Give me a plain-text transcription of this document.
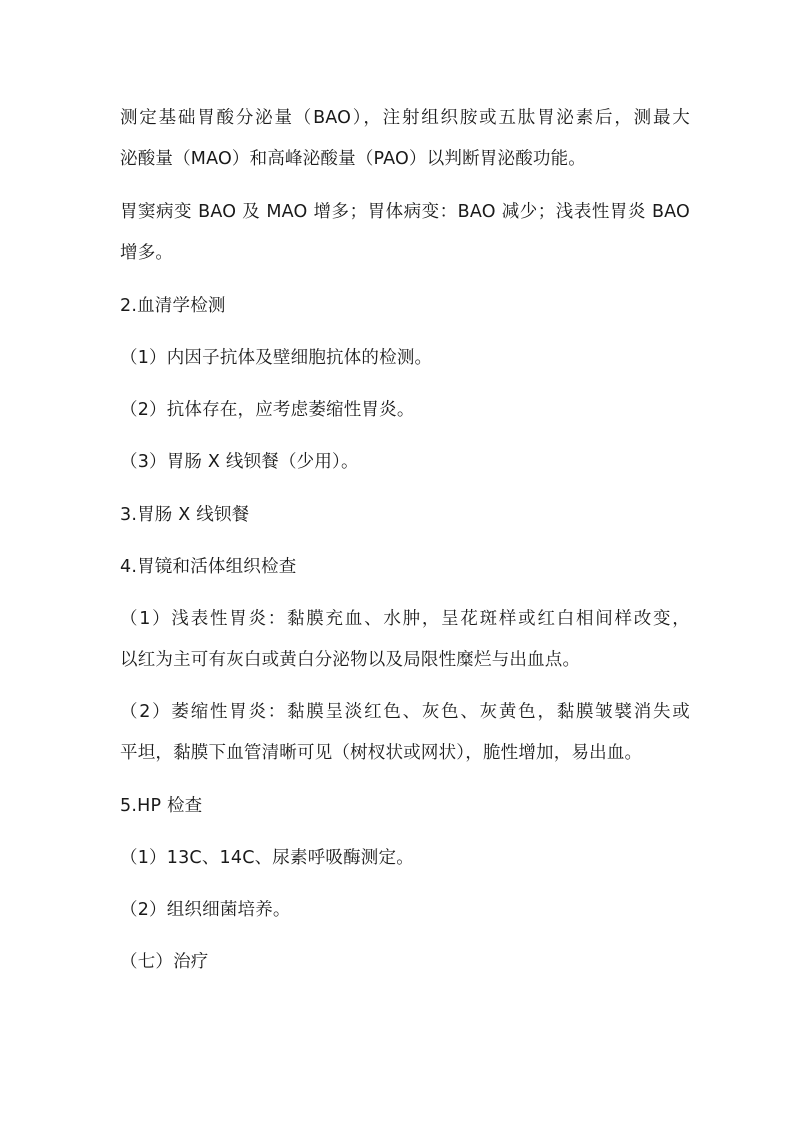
测定基础胃酸分泌量（BAO），注射组织胺或五肽胃泌素后，测最大
泌酸量（MAO）和高峰泌酸量（PAO）以判断胃泌酸功能。
胃窦病变 BAO 及 MAO 增多；胃体病变：BAO 减少；浅表性胃炎 BAO
增多。
2.血清学检测
（1）内因子抗体及壁细胞抗体的检测。
（2）抗体存在，应考虑萎缩性胃炎。
（3）胃肠 X 线钡餐（少用）。
3.胃肠 X 线钡餐
4.胃镜和活体组织检查
（1）浅表性胃炎：黏膜充血、水肿，呈花斑样或红白相间样改变，
以红为主可有灰白或黄白分泌物以及局限性糜烂与出血点。
（2）萎缩性胃炎：黏膜呈淡红色、灰色、灰黄色，黏膜皱襞消失或
平坦，黏膜下血管清晰可见（树杈状或网状），脆性增加，易出血。
5.HP 检查
（1）13C、14C、尿素呼吸酶测定。
（2）组织细菌培养。
（七）治疗
